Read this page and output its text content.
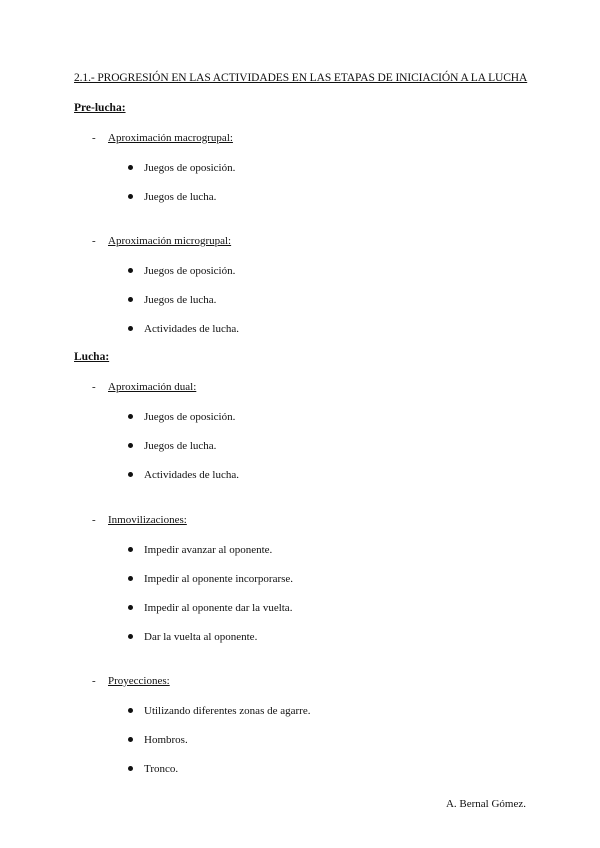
2.1.- PROGRESIÓN EN LAS ACTIVIDADES EN LAS ETAPAS DE INICIACIÓN A LA LUCHA
Pre-lucha:
- Aproximación macrogrupal:
Juegos de oposición.
Juegos de lucha.
- Aproximación microgrupal:
Juegos de oposición.
Juegos de lucha.
Actividades de lucha.
Lucha:
- Aproximación dual:
Juegos de oposición.
Juegos de lucha.
Actividades de lucha.
- Inmovilizaciones:
Impedir avanzar al oponente.
Impedir al oponente incorporarse.
Impedir al oponente dar la vuelta.
Dar la vuelta al oponente.
- Proyecciones:
Utilizando diferentes zonas de agarre.
Hombros.
Tronco.
A. Bernal Gómez.
